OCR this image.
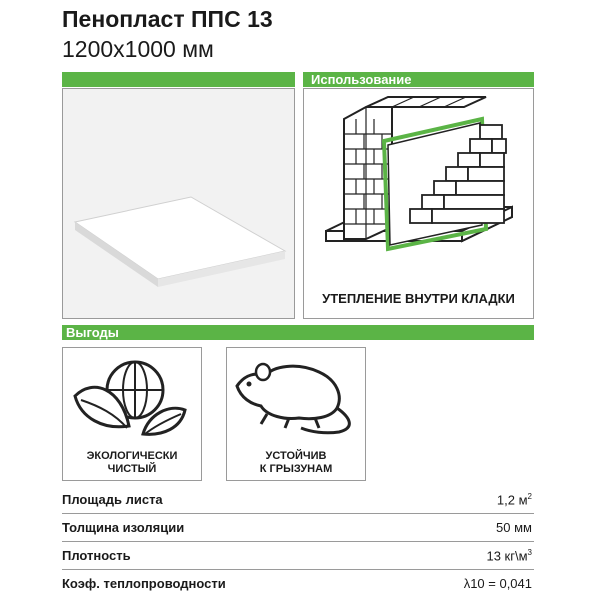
Пенопласт ППС 13
1200x1000 мм
Использование
УТЕПЛЕНИЕ ВНУТРИ КЛАДКИ
Выгоды
ЭКОЛОГИЧЕСКИ
ЧИСТЫЙ
УСТОЙЧИВ
К ГРЫЗУНАМ
Площадь листа	1,2 $м^2$
Толщина изоляции	50 мм
Плотность	13 $кг\backslash м^3$
Коэф. теплопроводности	λ10 = 0,041
